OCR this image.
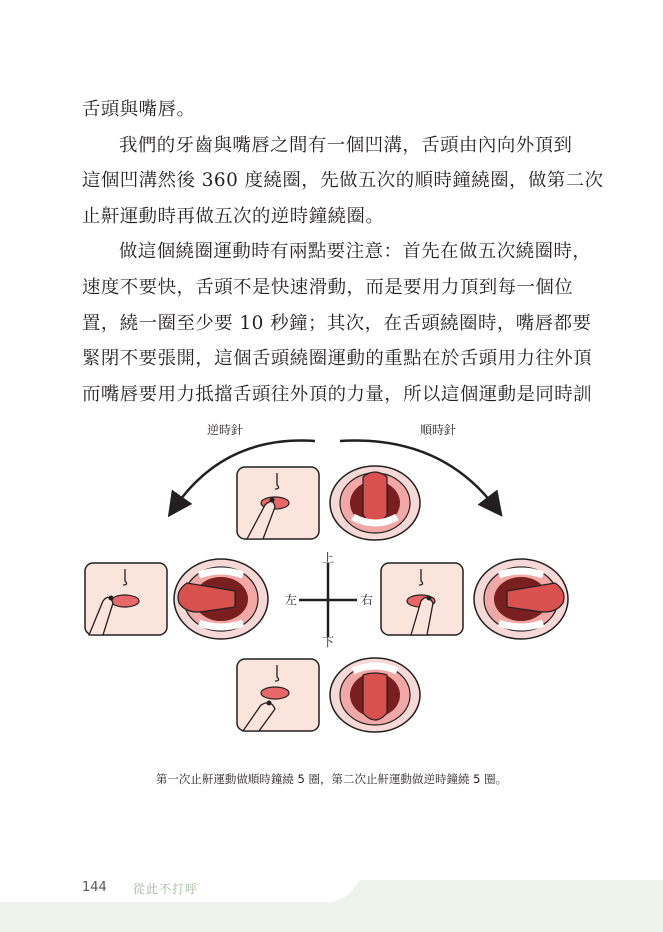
舌頭與嘴唇。
我們的牙齒與嘴唇之間有一個凹溝，舌頭由內向外頂到
這個凹溝然後 360 度繞圈，先做五次的順時鐘繞圈，做第二次
止鼾運動時再做五次的逆時鐘繞圈。
做這個繞圈運動時有兩點要注意：首先在做五次繞圈時，
速度不要快，舌頭不是快速滑動，而是要用力頂到每一個位
置，繞一圈至少要 10 秒鐘；其次，在舌頭繞圈時，嘴唇都要
緊閉不要張開，這個舌頭繞圈運動的重點在於舌頭用力往外頂
而嘴唇要用力抵擋舌頭往外頂的力量，所以這個運動是同時訓
逆時針	順時針
上
下
左	右
第一次止鼾運動做順時鐘繞 5 圈，第二次止鼾運動做逆時鐘繞 5 圈。
144 從此不打呼
